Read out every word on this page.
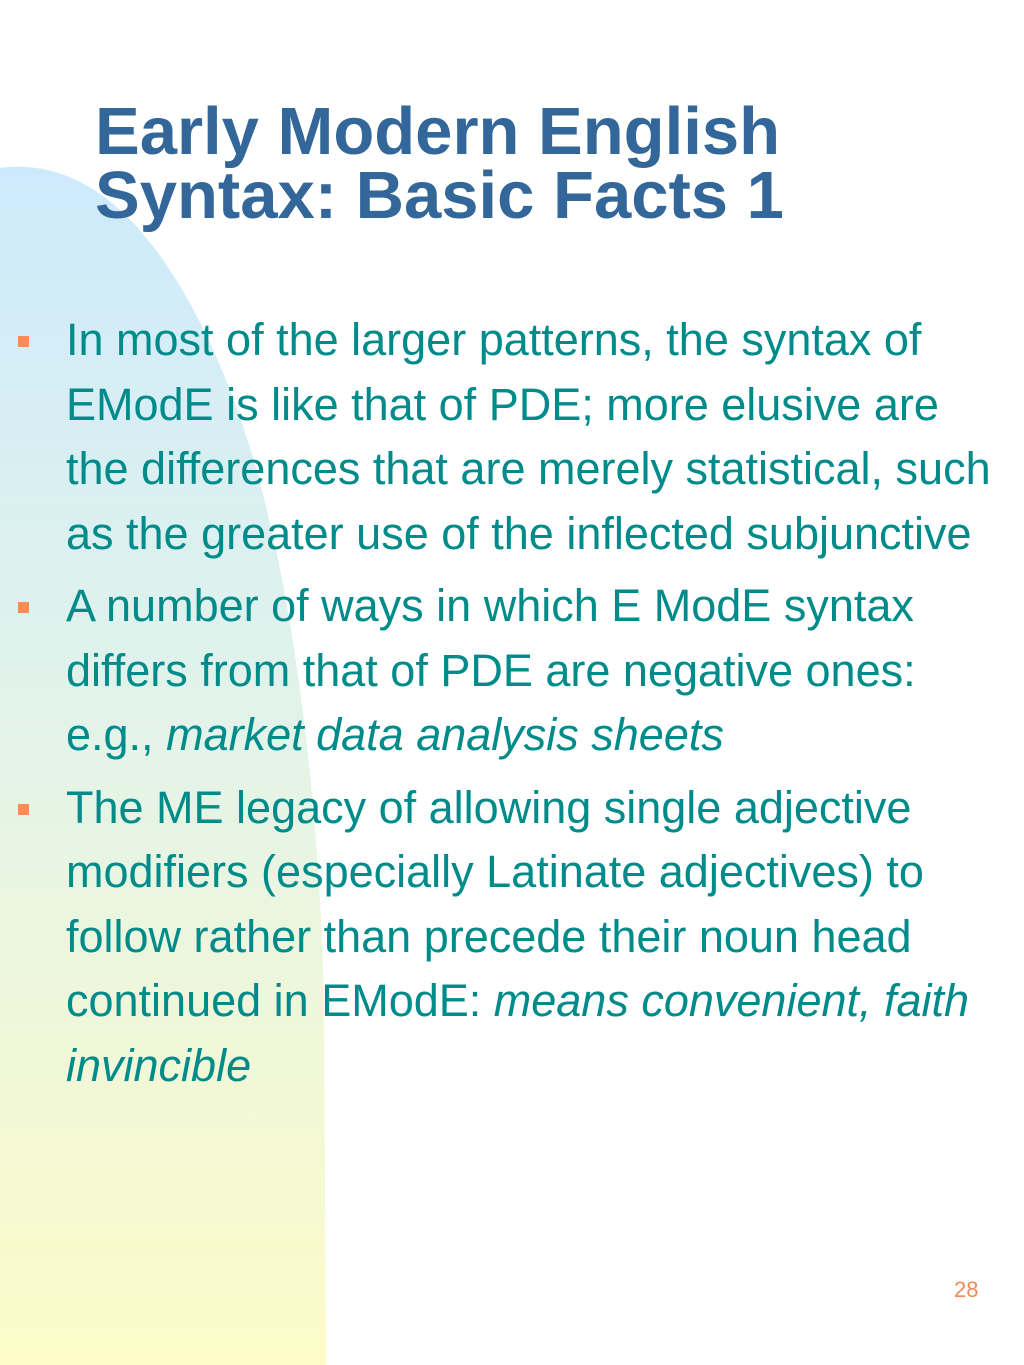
Early Modern English
Syntax: Basic Facts 1
In most of the larger patterns, the syntax of EModE is like that of PDE; more elusive are the differences that are merely statistical, such as the greater use of the inflected subjunctive
A number of ways in which E ModE syntax differs from that of PDE are negative ones: e.g., market data analysis sheets
The ME legacy of allowing single adjective modifiers (especially Latinate adjectives) to follow rather than precede their noun head continued in EModE: means convenient, faith invincible
28
